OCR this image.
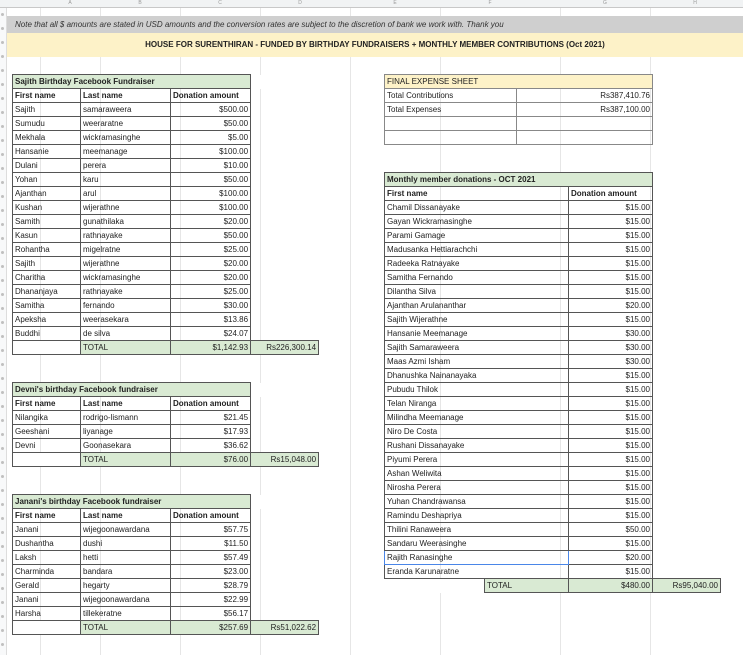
A	B	C	D	E	F	G	H
Note that all $ amounts are stated in USD amounts and the conversion rates are subject to the discretion of bank we work with. Thank you
HOUSE FOR SURENTHIRAN - FUNDED BY BIRTHDAY FUNDRAISERS + MONTHLY MEMBER CONTRIBUTIONS (Oct 2021)
Sajith Birthday Facebook Fundraiser			
First name	Last name	Donation amount	
Sajith	samaraweera	$500.00	
Sumudu	weeraratne	$50.00	
Mekhala	wickramasinghe	$5.00	
Hansanie	meemanage	$100.00	
Dulani	perera	$10.00	
Yohan	karu	$50.00	
Ajanthan	arul	$100.00	
Kushan	wijerathne	$100.00	
Samith	gunathilaka	$20.00	
Kasun	rathnayake	$50.00	
Rohantha	migelratne	$25.00	
Sajith	wijerathne	$20.00	
Charitha	wickramasinghe	$20.00	
Dhananjaya	rathnayake	$25.00	
Samitha	fernando	$30.00	
Apeksha	weerasekara	$13.86	
Buddhi	de silva	$24.07	
	TOTAL	$1,142.93	Rs226,300.14
Devni's birthday Facebook fundraiser			
First name	Last name	Donation amount	
Nilangika	rodrigo-lismann	$21.45	
Geeshani	liyanage	$17.93	
Devni	Goonasekara	$36.62	
	TOTAL	$76.00	Rs15,048.00
Janani's birthday Facebook fundraiser			
First name	Last name	Donation amount	
Janani	wijegoonawardana	$57.75	
Dushantha	dushi	$11.50	
Laksh	hetti	$57.49	
Charminda	bandara	$23.00	
Gerald	hegarty	$28.79	
Janani	wijegoonawardana	$22.99	
Harsha	tillekeratne	$56.17	
	TOTAL	$257.69	Rs51,022.62
FINAL EXPENSE SHEET	
Total Contributions	Rs387,410.76
Total Expenses	Rs387,100.00

Monthly member donations - OCT 2021			
First name		Donation amount	
Chamil Dissanayake		$15.00	
Gayan Wickramasinghe		$15.00	
Parami Gamage		$15.00	
Madusanka Hettiarachchi		$15.00	
Radeeka Ratnayake		$15.00	
Samitha Fernando		$15.00	
Dilantha Silva		$15.00	
Ajanthan Arulananthar		$20.00	
Sajith Wijerathne		$15.00	
Hansanie Meemanage		$30.00	
Sajith Samaraweera		$30.00	
Maas Azmi Isham		$30.00	
Dhanushka Nainanayaka		$15.00	
Pubudu Thilok		$15.00	
Telan Niranga		$15.00	
Milindha Meemanage		$15.00	
Niro De Costa		$15.00	
Rushani Dissanayake		$15.00	
Piyumi Perera		$15.00	
Ashan Weliwita		$15.00	
Nirosha Perera		$15.00	
Yuhan Chandrawansa		$15.00	
Ramindu Deshapriya		$15.00	
Thilini Ranaweera		$50.00	
Sandaru Weerasinghe		$15.00	
Rajith Ranasinghe		$20.00	
Eranda Karunaratne		$15.00	
	TOTAL	$480.00	Rs95,040.00
